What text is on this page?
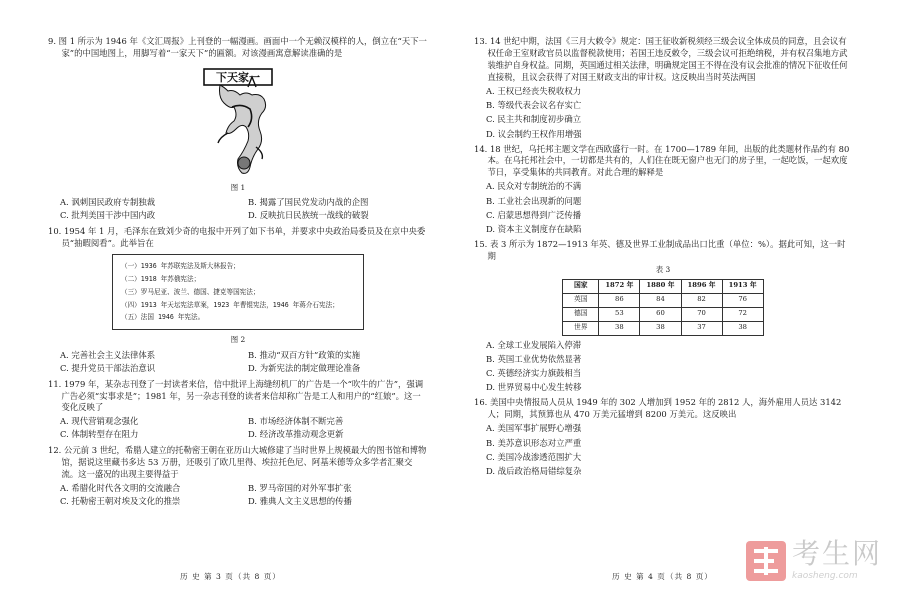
9. 图 1 所示为 1946 年《文汇周报》上刊登的一幅漫画。画面中一个无赖汉模样的人，倒立在“天下一家”的中国地图上，用脚写着“一家天下”的匾额。对该漫画寓意解读准确的是

下天家一
图 1
A. 讽刺国民政府专制独裁	B. 揭露了国民党发动内战的企图
C. 批判美国干涉中国内政	D. 反映抗日民族统一战线的破裂

10. 1954 年 1 月，毛泽东在致刘少奇的电报中开列了如下书单，并要求中央政治局委员及在京中央委员“抽暇阅看”。此举旨在

（一）1936 年苏联宪法及斯大林报告；
（二）1918 年苏俄宪法；
（三）罗马尼亚、波兰、德国、捷克等国宪法；
（四）1913 年天坛宪法草案，1923 年曹锟宪法，1946 年蒋介石宪法；
（五）法国 1946 年宪法。
图 2
A. 完善社会主义法律体系	B. 推动“双百方针”政策的实施
C. 提升党员干部法治意识	D. 为新宪法的制定做理论准备

11. 1979 年，某杂志刊登了一封读者来信，信中批评上海缝纫机厂的广告是一个“吹牛的广告”，强调广告必须“实事求是”；1981 年，另一杂志刊登的读者来信却称广告是工人和用户的“红娘”。这一变化反映了

A. 现代营销观念强化	B. 市场经济体制不断完善
C. 体制转型存在阻力	D. 经济改革推动观念更新

12. 公元前 3 世纪，希腊人建立的托勒密王朝在亚历山大城修建了当时世界上规模最大的图书馆和博物馆，据说这里藏书多达 53 万册，还吸引了欧几里得、埃拉托色尼、阿基米德等众多学者汇聚交流。这一盛况的出现主要得益于

A. 希腊化时代各文明的交流融合	B. 罗马帝国的对外军事扩张
C. 托勒密王朝对埃及文化的推崇	D. 雅典人文主义思想的传播

13. 14 世纪中期，法国《三月大敕令》规定：国王征收新税须经三级会议全体成员的同意，且会议有权任命王室财政官员以监督税款使用；若国王违反敕令，三级会议可拒绝纳税，并有权召集地方武装维护自身权益。同期，英国通过相关法律，明确规定国王不得在没有议会批准的情况下征收任何直接税，且议会获得了对国王财政支出的审计权。这反映出当时英法两国

A. 王权已经丧失税收权力
B. 等级代表会议名存实亡
C. 民主共和制度初步确立
D. 议会制约王权作用增强

14. 18 世纪，乌托邦主题文学在西欧盛行一时。在 1700—1789 年间，出版的此类题材作品约有 80 本。在乌托邦社会中，一切都是共有的，人们住在既无窗户也无门的房子里，一起吃饭，一起欢度节日，享受集体的共同教育。对此合理的解释是

A. 民众对专制统治的不满
B. 工业社会出现新的问题
C. 启蒙思想得到广泛传播
D. 资本主义制度存在缺陷

15. 表 3 所示为 1872—1913 年英、德及世界工业制成品出口比重（单位：%）。据此可知，这一时期

表 3
国家	1872 年	1880 年	1896 年	1913 年
英国	86	84	82	76
德国	53	60	70	72
世界	38	38	37	38
A. 全球工业发展陷入停滞
B. 英国工业优势依然显著
C. 英德经济实力旗鼓相当
D. 世界贸易中心发生转移

16. 美国中央情报局人员从 1949 年的 302 人增加到 1952 年的 2812 人，海外雇用人员达 3142 人；同期，其预算也从 470 万美元猛增到 8200 万美元。这反映出

A. 美国军事扩展野心增强
B. 美苏意识形态对立严重
C. 美国冷战渗透范围扩大
D. 战后政治格局错综复杂
历 史 第 3 页（共 8 页）	历 史 第 4 页（共 8 页）
考生网
kaosheng.com
